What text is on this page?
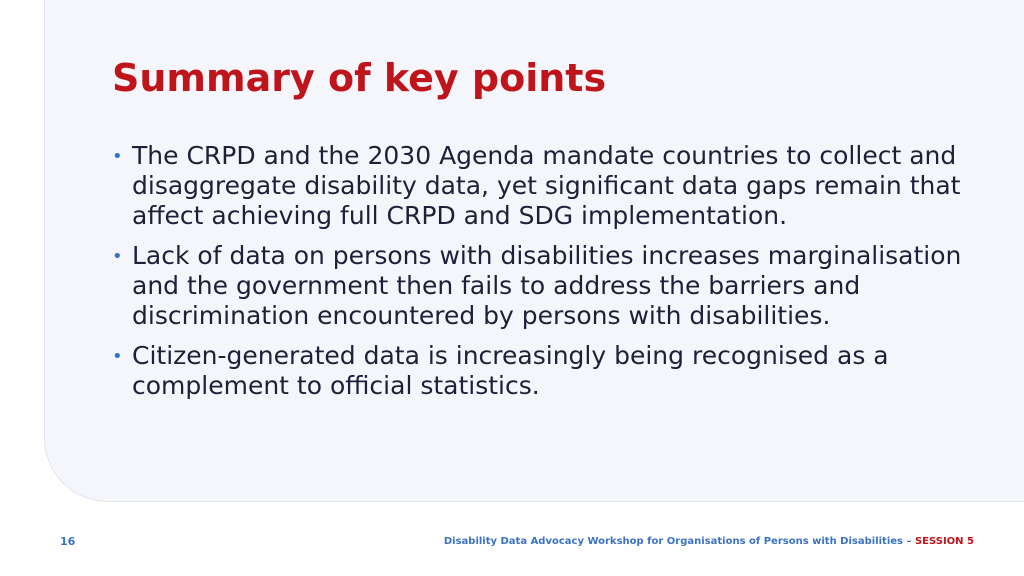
Summary of key points
• The CRPD and the 2030 Agenda mandate countries to collect and disaggregate disability data, yet significant data gaps remain that affect achieving full CRPD and SDG implementation.
• Lack of data on persons with disabilities increases marginalisation and the government then fails to address the barriers and discrimination encountered by persons with disabilities.
• Citizen-generated data is increasingly being recognised as a complement to official statistics.
16	Disability Data Advocacy Workshop for Organisations of Persons with Disabilities – SESSION 5
